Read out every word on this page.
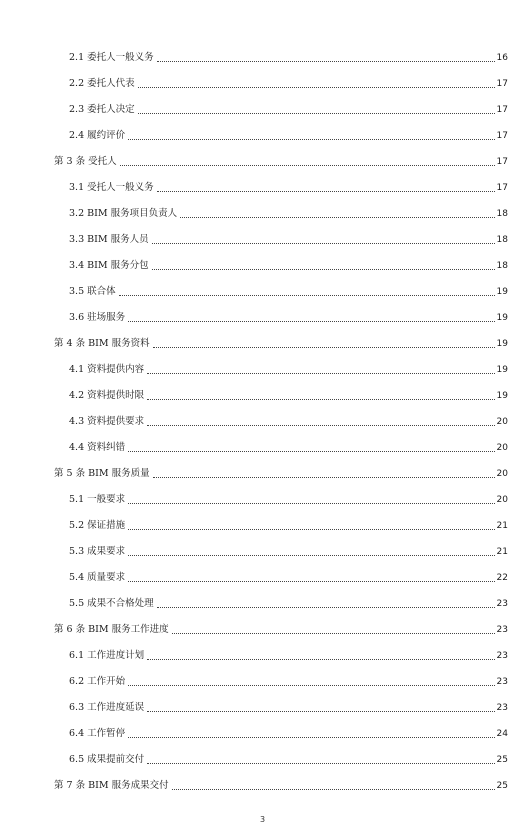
2.1 委托人一般义务	16
2.2 委托人代表	17
2.3 委托人决定	17
2.4 履约评价	17
第 3 条 受托人	17
3.1 受托人一般义务	17
3.2 BIM 服务项目负责人	18
3.3 BIM 服务人员	18
3.4 BIM 服务分包	18
3.5 联合体	19
3.6 驻场服务	19
第 4 条 BIM 服务资料	19
4.1 资料提供内容	19
4.2 资料提供时限	19
4.3 资料提供要求	20
4.4 资料纠错	20
第 5 条 BIM 服务质量	20
5.1 一般要求	20
5.2 保证措施	21
5.3 成果要求	21
5.4 质量要求	22
5.5 成果不合格处理	23
第 6 条 BIM 服务工作进度	23
6.1 工作进度计划	23
6.2 工作开始	23
6.3 工作进度延误	23
6.4 工作暂停	24
6.5 成果提前交付	25
第 7 条 BIM 服务成果交付	25
3
